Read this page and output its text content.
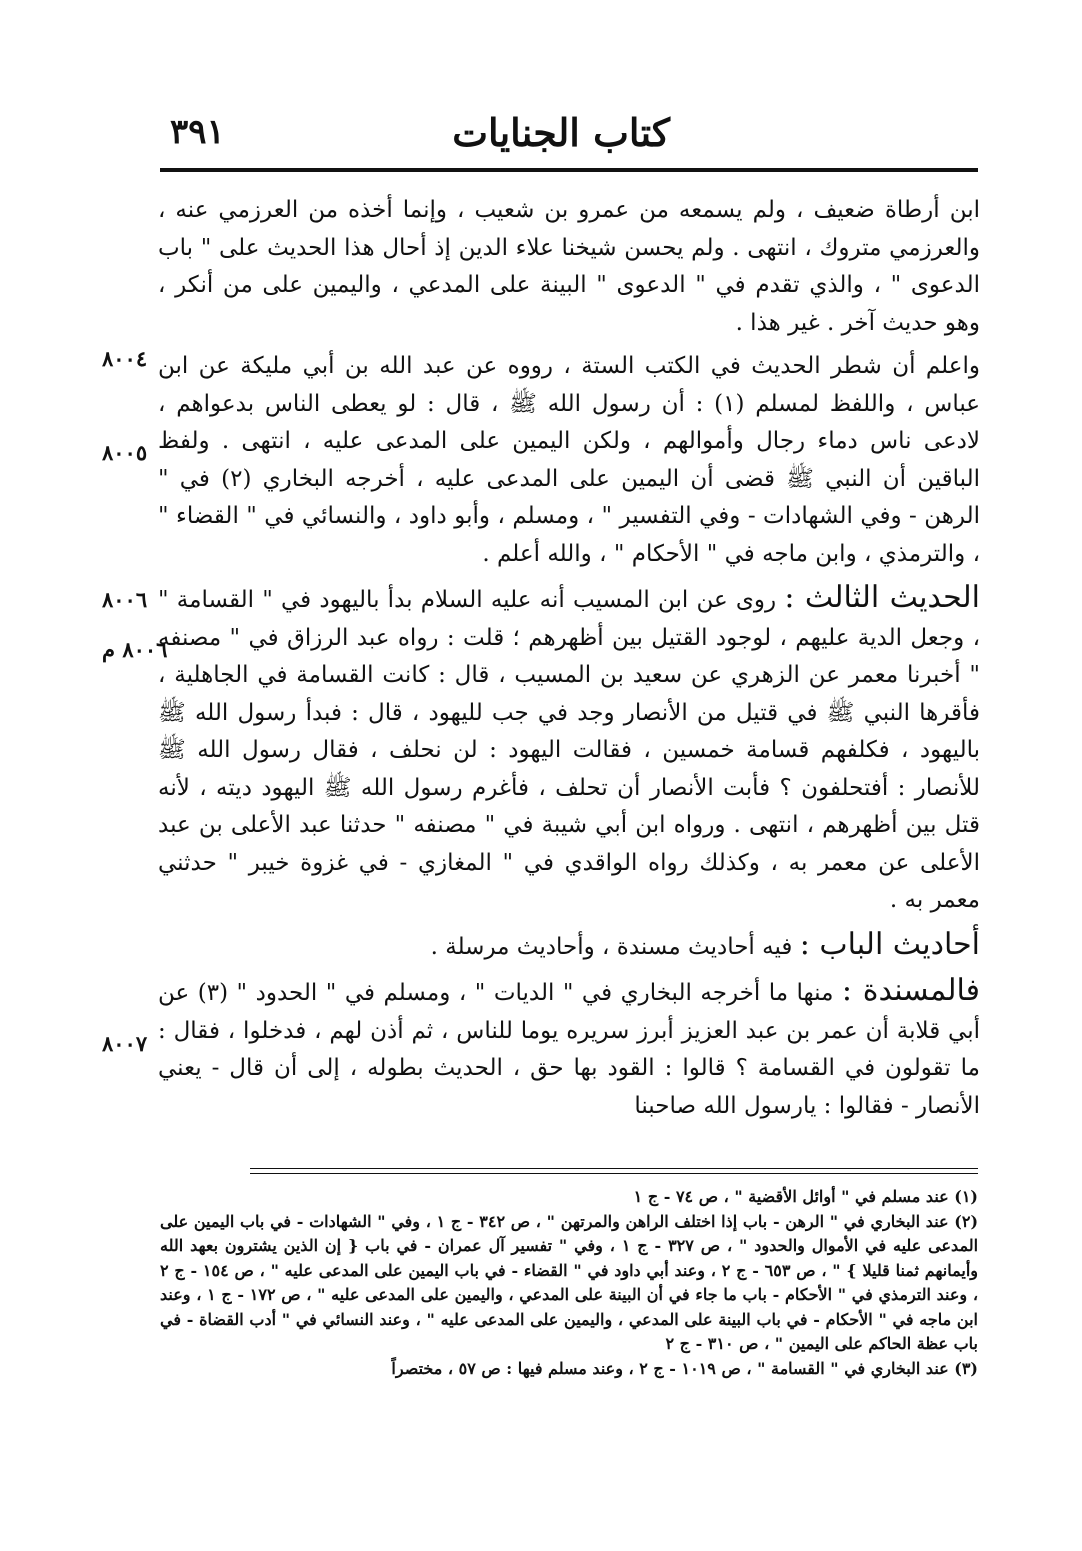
٣٩١	كتاب الجنايات
٨٠٠٤
٨٠٠٥
٨٠٠٦
٨٠٠٦ م
٨٠٠٧

ابن أرطاة ضعيف ، ولم يسمعه من عمرو بن شعيب ، وإنما أخذه من العرزمي عنه ، والعرزمي متروك ، انتهى . ولم يحسن شيخنا علاء الدين إذ أحال هذا الحديث على " باب الدعوى " ، والذي تقدم في " الدعوى " البينة على المدعي ، واليمين على من أنكر ، وهو حديث آخر . غير هذا .

واعلم أن شطر الحديث في الكتب الستة ، رووه عن عبد الله بن أبي مليكة عن ابن عباس ، واللفظ لمسلم (١) : أن رسول الله ﷺ ، قال : لو يعطى الناس بدعواهم ، لادعى ناس دماء رجال وأموالهم ، ولكن اليمين على المدعى عليه ، انتهى . ولفظ الباقين أن النبي ﷺ قضى أن اليمين على المدعى عليه ، أخرجه البخاري (٢) في " الرهن - وفي الشهادات - وفي التفسير " ، ومسلم ، وأبو داود ، والنسائي في " القضاء " ، والترمذي ، وابن ماجه في " الأحكام " ، والله أعلم .

الحديث الثالث : روى عن ابن المسيب أنه عليه السلام بدأ باليهود في " القسامة " ، وجعل الدية عليهم ، لوجود القتيل بين أظهرهم ؛ قلت : رواه عبد الرزاق في " مصنفه " أخبرنا معمر عن الزهري عن سعيد بن المسيب ، قال : كانت القسامة في الجاهلية ، فأقرها النبي ﷺ في قتيل من الأنصار وجد في جب لليهود ، قال : فبدأ رسول الله ﷺ باليهود ، فكلفهم قسامة خمسين ، فقالت اليهود : لن نحلف ، فقال رسول الله ﷺ للأنصار : أفتحلفون ؟ فأبت الأنصار أن تحلف ، فأغرم رسول الله ﷺ اليهود ديته ، لأنه قتل بين أظهرهم ، انتهى . ورواه ابن أبي شيبة في " مصنفه " حدثنا عبد الأعلى بن عبد الأعلى عن معمر به ، وكذلك رواه الواقدي في " المغازي - في غزوة خيبر " حدثني معمر به .

أحاديث الباب : فيه أحاديث مسندة ، وأحاديث مرسلة .

فالمسندة : منها ما أخرجه البخاري في " الديات " ، ومسلم في " الحدود " (٣) عن أبي قلابة أن عمر بن عبد العزيز أبرز سريره يوما للناس ، ثم أذن لهم ، فدخلوا ، فقال : ما تقولون في القسامة ؟ قالوا : القود بها حق ، الحديث بطوله ، إلى أن قال - يعني الأنصار - فقالوا : يارسول الله صاحبنا

(١) عند مسلم في " أوائل الأقضية " ، ص ٧٤ - ج ١

(٢) عند البخاري في " الرهن - باب إذا اختلف الراهن والمرتهن " ، ص ٣٤٢ - ج ١ ، وفي " الشهادات - في باب اليمين على المدعى عليه في الأموال والحدود " ، ص ٣٢٧ - ج ١ ، وفي " تفسير آل عمران - في باب { إن الذين يشترون بعهد الله وأيمانهم ثمنا قليلا } " ، ص ٦٥٣ - ج ٢ ، وعند أبي داود في " القضاء - في باب اليمين على المدعى عليه " ، ص ١٥٤ - ج ٢ ، وعند الترمذي في " الأحكام - باب ما جاء في أن البينة على المدعي ، واليمين على المدعى عليه " ، ص ١٧٢ - ج ١ ، وعند ابن ماجه في " الأحكام - في باب البينة على المدعي ، واليمين على المدعى عليه " ، وعند النسائي في " أدب القضاة - في باب عظة الحاكم على اليمين " ، ص ٣١٠ - ج ٢

(٣) عند البخاري في " القسامة " ، ص ١٠١٩ - ج ٢ ، وعند مسلم فيها : ص ٥٧ ، مختصراً
